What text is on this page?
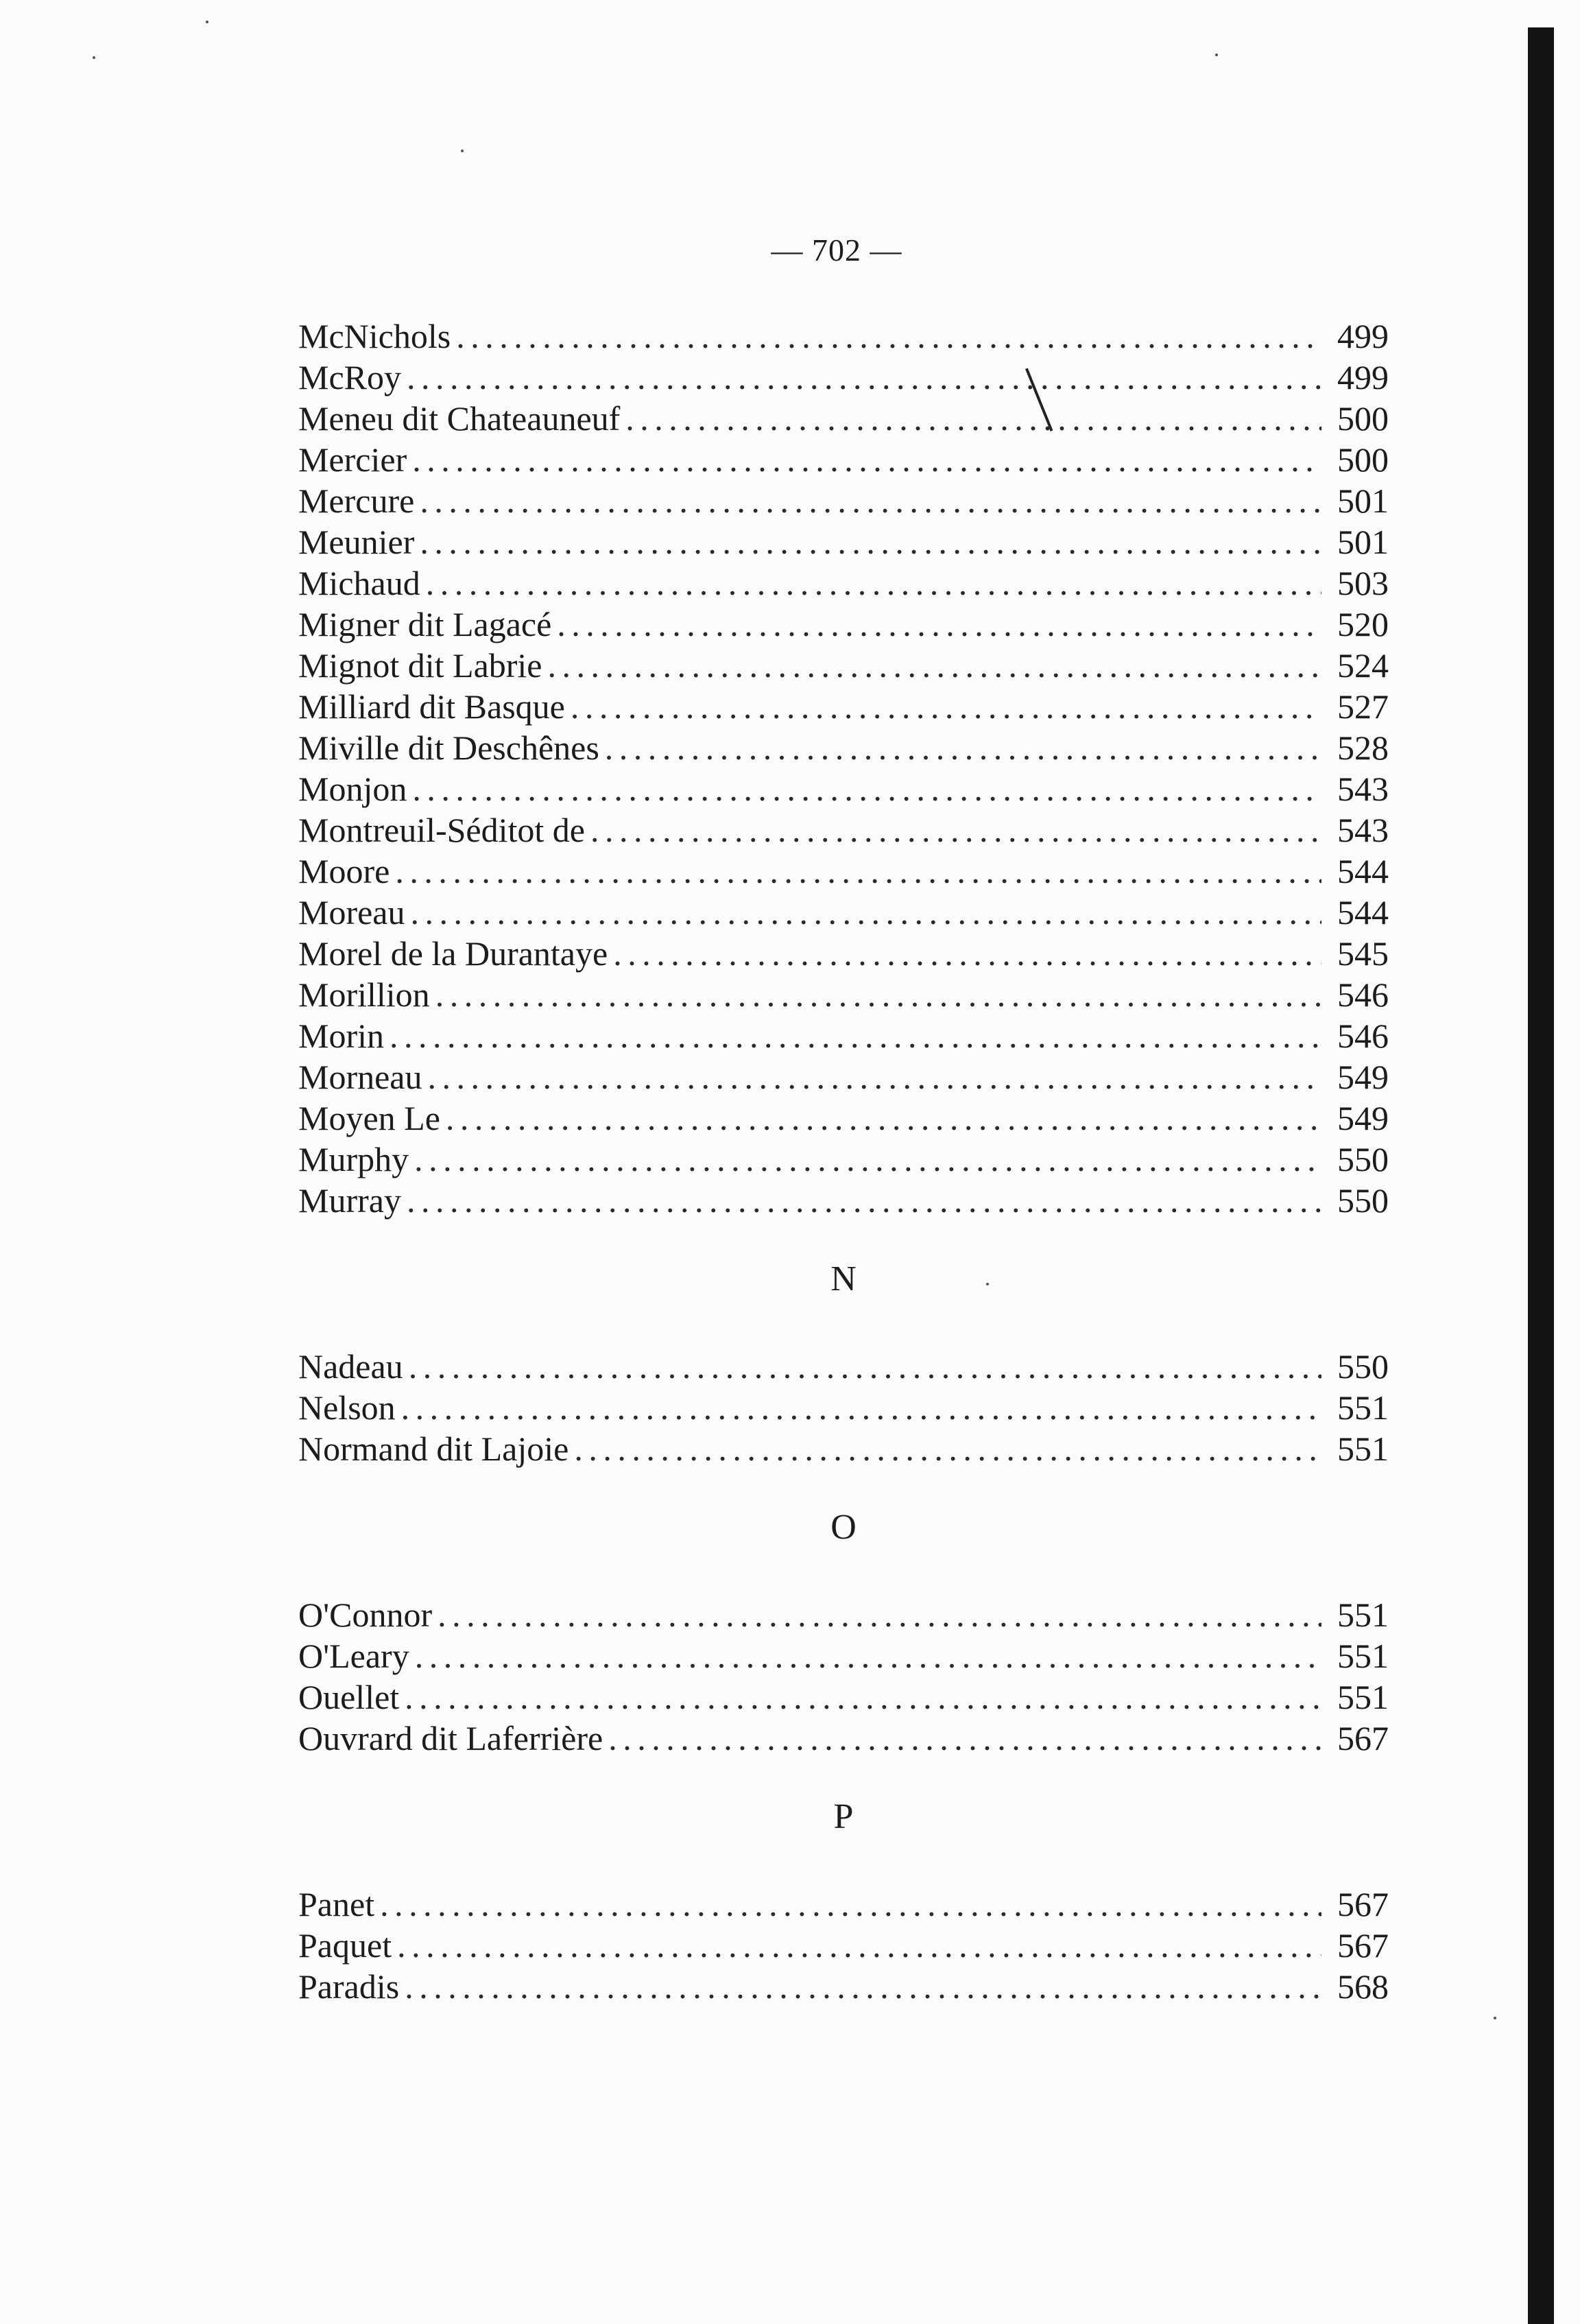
— 702 —
McNichols . . .	499
McRoy . . .	499
Meneu dit Chateauneuf . . .	500
Mercier . . .	500
Mercure . . .	501
Meunier . . .	501
Michaud . . .	503
Migner dit Lagacé . . .	520
Mignot dit Labrie . . .	524
Milliard dit Basque . . .	527
Miville dit Deschênes . . .	528
Monjon . . .	543
Montreuil-Séditot de . . .	543
Moore . . .	544
Moreau . . .	544
Morel de la Durantaye . . .	545
Morillion . . .	546
Morin . . .	546
Morneau . . .	549
Moyen Le . . .	549
Murphy . . .	550
Murray . . .	550
N
Nadeau . . .	550
Nelson . . .	551
Normand dit Lajoie . . .	551
O
O'Connor . . .	551
O'Leary . . .	551
Ouellet . . .	551
Ouvrard dit Laferrière . . .	567
P
Panet . . .	567
Paquet . . .	567
Paradis . . .	568
